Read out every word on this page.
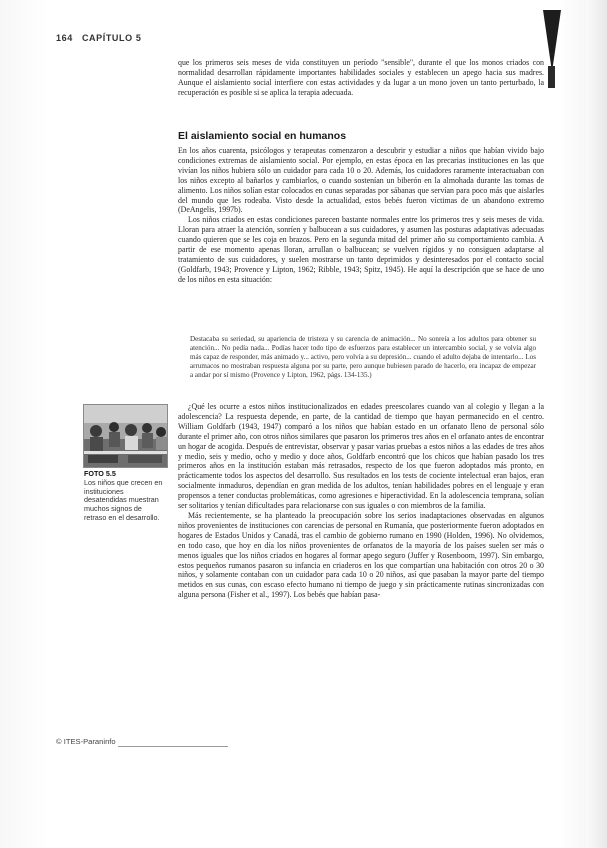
164 CAPÍTULO 5
que los primeros seis meses de vida constituyen un período "sensible", durante el que los monos criados con normalidad desarrollan rápidamente importantes habilidades sociales y establecen un apego hacia sus madres. Aunque el aislamiento social interfiere con estas actividades y da lugar a un mono joven un tanto perturbado, la recuperación es posible si se aplica la terapia adecuada.
El aislamiento social en humanos
En los años cuarenta, psicólogos y terapeutas comenzaron a descubrir y estudiar a niños que habían vivido bajo condiciones extremas de aislamiento social. Por ejemplo, en estas época en las precarias instituciones en las que vivían los niños hubiera sólo un cuidador para cada 10 o 20. Además, los cuidadores raramente interactuaban con los niños excepto al bañarlos y cambiarlos, o cuando sostenían un biberón en la almohada durante las tomas de alimento. Los niños solían estar colocados en cunas separadas por sábanas que servían para poco más que aislarles del mundo que les rodeaba. Visto desde la actualidad, estos bebés fueron víctimas de un abandono extremo (DeAngelis, 1997b).
Los niños criados en estas condiciones parecen bastante normales entre los primeros tres y seis meses de vida. Lloran para atraer la atención, sonríen y balbucean a sus cuidadores, y asumen las posturas adaptativas adecuadas cuando quieren que se les coja en brazos. Pero en la segunda mitad del primer año su comportamiento cambia. A partir de ese momento apenas lloran, arrullan o balbucean; se vuelven rígidos y no consiguen adaptarse al tratamiento de sus cuidadores, y suelen mostrarse un tanto deprimidos y desinteresados por el contacto social (Goldfarb, 1943; Provence y Lipton, 1962; Ribble, 1943; Spitz, 1945). He aquí la descripción que se hace de uno de los niños en esta situación:
Destacaba su seriedad, su apariencia de tristeza y su carencia de animación... No sonreía a los adultos para obtener su atención... No pedía nada... Podías hacer todo tipo de esfuerzos para establecer un intercambio social, y se volvía algo más capaz de responder, más animado y... activo, pero volvía a su depresión... cuando el adulto dejaba de intentarlo... Los arrumacos no mostraban respuesta alguna por su parte, pero aunque hubiesen parado de hacerlo, era incapaz de empezar a andar por sí mismo (Provence y Lipton, 1962, págs. 134-135.)
¿Qué les ocurre a estos niños institucionalizados en edades preescolares cuando van al colegio y llegan a la adolescencia? La respuesta depende, en parte, de la cantidad de tiempo que hayan permanecido en el centro. William Goldfarb (1943, 1947) comparó a los niños que habían estado en un orfanato lleno de personal sólo durante el primer año, con otros niños similares que pasaron los primeros tres años en el orfanato antes de encontrar un hogar de acogida. Después de entrevistar, observar y pasar varias pruebas a estos niños a las edades de tres años y medio, seis y medio, ocho y medio y doce años, Goldfarb encontró que los chicos que habían pasado los tres primeros años en la institución estaban más retrasados, respecto de los que fueron adoptados más pronto, en prácticamente todos los aspectos del desarrollo. Sus resultados en los tests de cociente intelectual eran bajos, eran socialmente inmaduros, dependían en gran medida de los adultos, tenían habilidades pobres en el lenguaje y eran propensos a tener conductas problemáticas, como agresiones e hiperactividad. En la adolescencia temprana, solían ser solitarios y tenían dificultades para relacionarse con sus iguales o con miembros de la familia.
Más recientemente, se ha planteado la preocupación sobre los serios inadaptaciones observadas en algunos niños provenientes de instituciones con carencias de personal en Rumanía, que posteriormente fueron adoptados en hogares de Estados Unidos y Canadá, tras el cambio de gobierno rumano en 1990 (Holden, 1996). No olvidemos, en todo caso, que hoy en día los niños provenientes de orfanatos de la mayoría de los países suelen ser más o menos iguales que los niños criados en hogares al formar apego seguro (Juffer y Rosenboom, 1997). Sin embargo, estos pequeños rumanos pasaron su infancia en criaderos en los que compartían una habitación con otros 20 o 30 niños, y solamente contaban con un cuidador para cada 10 o 20 niños, así que pasaban la mayor parte del tiempo metidos en sus cunas, con escaso efecto humano ni tiempo de juego y sin prácticamente rutinas sincronizadas con alguna persona (Fisher et al., 1997). Los bebés que habían pasa-
FOTO 5.5
Los niños que crecen en instituciones desatendidas muestran muchos signos de retraso en el desarrollo.
© ITES-Paraninfo
